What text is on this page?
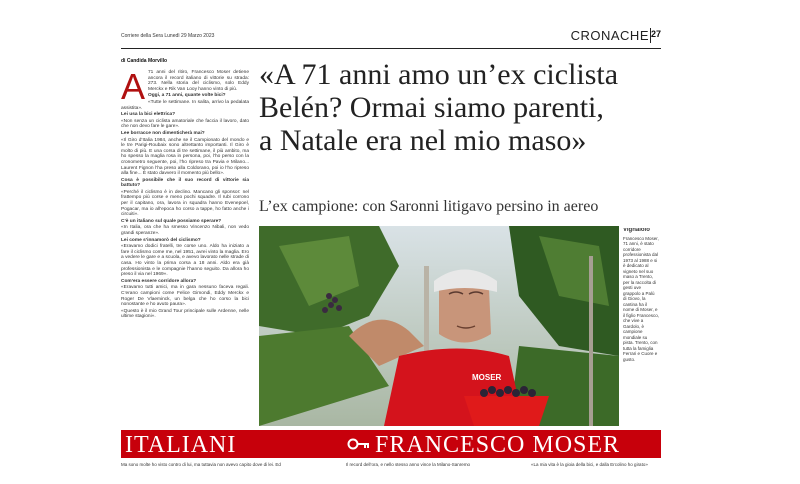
Corriere della Sera Lunedì 29 Marzo 2023	CRONACHE 27
di Candida Morvillo
A 71 anni del ritiro, Francesco Moser detiene ancora il record italiano di vittorie su strada: 273. Nella storia del ciclismo, solo Eddy Merckx e Rik Van Looy hanno vinto di più.

Oggi, a 71 anni, quante volte bici?

«Tutte le settimane. In salita, arrivo la pedalata assistita».

Lei usa la bici elettrica?

«Non senza un ciclista amatoriale che faccia il lavoro, dato che non devo fare le gare».

Lee borracce non dimenticherà mai?

«Il Giro d’Italia 1984, anche se il Campionato del mondo e le tre Parigi-Roubaix sono altrettanto importanti. Il Giro è molto di più. E una corsa di tre settimane, il più ambito, ma ho spesso la maglia rosa in persona, poi, l’ho perso con la cronometro seguente, poi, l’ho ripreso tra Pavia e Milano... Laurent Fignon l’ha preso alla Coldorano, poi io l’ho ripreso alla fine... È stato davvero il momento più bello».

Cosa è possibile che il suo record di vittorie sia battuto?

«Perché il ciclismo è in declino. Mancano gli sponsor: nel frattempo più corse e meno pochi squadre. Il rubi corrono per il capitano, ora, lavora in squadra hanno Evenepoel, Pogacar, ma io all’epoca ho corso a tappe, ho fatto anche i circuiti».

C’è un italiano sul quale possiamo sperare?

«In Italia, ora che ha smesso Vincenzo Nibali, non vedo grandi speranze».

Lei come s’innamorò del ciclismo?

«Eravamo dodici fratelli, tre corse uno. Aldo ha iniziato a fare il ciclismo come me, nel 1951, avrei vinto la maglia. Ero a vedere le gare e a scuola, e avevo lavorato nelle strade di casa. Ho vinto la prima corsa a 18 anni. Aldo era già professionista e le compagnie l’hanno seguito. Da allora ho preso il via nel 1969».

Com’era essere corridore allora?

«Eravamo tutti amici, ma in gara nessuno faceva regali. C’erano campioni come Felice Gimondi, Eddy Merckx e Roger De Vlaeminck, un belga che ho corso la bici nonostante e ho avuto paura».

«Questo è il mio Grand Tour principale sulle Ardenne, nelle ultime stagioni».

«A 71 anni amo un’ex ciclista
Belén? Ormai siamo parenti,
a Natale era nel mio maso»
L’ex campione: con Saronni litigavo persino in aereo
MOSER
Vignaiolo
Francesco Moser, 71 anni, è stato corridore professionista dal 1973 al 1988 e si è dedicato al vigneto nel suo maso a Trento, per la raccolta di gesti uve grappolo a Palù di Giovo, la cantina ha il nome di Moser, e il figlio Francesco, che vive a Gardolo, è campione mondiale su pista. Trento, con tutta la famiglia Ferrari e Cuore e gusto.
ITALIANI	FRANCESCO MOSER
Ma sono molte ho visto contro di lui, ma tuttavia non avevo capito dove di lei. Ed	Il record dell’ora, e nello stesso anno vince la Milano-Sanremo	«La mia vita è la gioia della bici, e dalla Ercolino ho girato»
